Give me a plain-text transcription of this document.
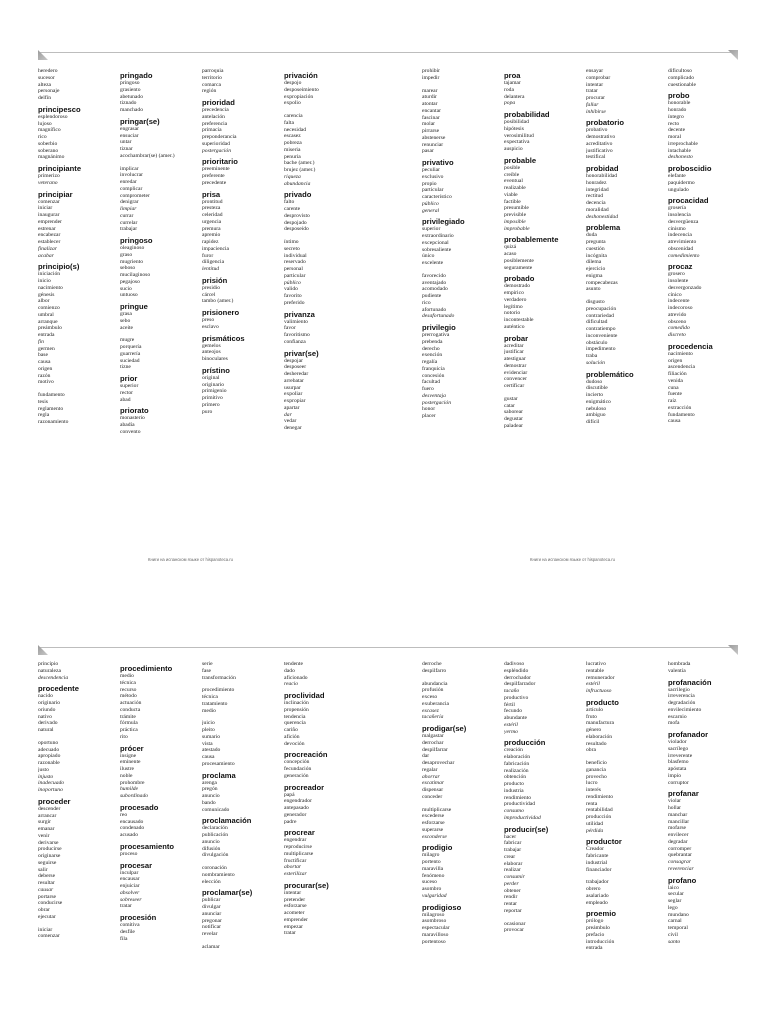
heredero
sucesor
alteza
personaje
delfín
principesco
esplendoroso
lujoso
magnífico
rico
soberbio
soberano
magnánimo
principiante
primerizo
veterano
principiar
comenzar
iniciar
inaugurar
emprender
estrenar
encabezar
establecer
finalizar
acabar
principio(s)
iniciación
inicio
nacimiento
génesis
albor
comienzo
umbral
arranque
preámbulo
entrada
fin
germen
base
causa
origen
razón
motivo
fundamento
tesis
reglamento
regla
razonamiento
pringado
pringoso
grasiento
abetunado
tiznado
manchado
pringar(se)
engrasar
ensuciar
untar
tiznar
acochambrar(se) (amer.)
implicar
involucrar
enredar
complicar
comprometer
denigrar
limpiar
currar
currelar
trabajar
pringoso
oleaginoso
graso
mugriento
seboso
mucilaginoso
pegajoso
sucio
untuoso
pringue
grasa
sebo
aceite
mugre
porquería
guarrería
suciedad
tizne
prior
superior
rector
abad
priorato
monasterio
abadía
convento
parroquia
territorio
comarca
región
prioridad
precedencia
antelación
preferencia
primacía
preponderancia
superioridad
postergación
prioritario
preeminente
preferente
precedente
prisa
prontitud
presteza
celeridad
urgencia
premura
apremio
rapidez
impaciencia
furor
diligencia
lentitud
prisión
presidio
cárcel
tambo (amer.)
prisionero
preso
esclavo
prismáticos
gemelos
anteojos
binoculares
prístino
original
originario
primigenio
primitivo
prímero
puro
privación
despojo
desposeimiento
expropiación
expolio
carencia
falta
necesidad
escasez
pobreza
miseria
penuria
bache (amer.)
brujez (amer.)
riqueza
abundancia
privado
falto
carente
desprovisto
despojado
desposeído
íntimo
secreto
individual
reservado
personal
particular
público
valido
favorito
preferido
privanza
valimiento
favor
favoritismo
confianza
privar(se)
despojar
desposeer
desheredar
arrebatar
usurpar
expoliar
expropiar
apartar
dar
vedar
denegar
prohibir
impedir
marear
aturdir
atontar
encantar
fascinar
molar
pirrarse
abstenerse
renunciar
pasar
privativo
peculiar
exclusivo
propio
particular
característico
público
general
privilegiado
superior
extraordinario
excepcional
sobresaliente
único
excelente
favorecido
aventajado
acomodado
pudiente
rico
afortunado
desafortunado
privilegio
prerrogativa
prebenda
derecho
exención
regalía
franquicia
concesión
facultad
fuero
desventaja
postergación
honor
placer
proa
tajamar
roda
delantera
popa
probabilidad
posibilidad
hipótesis
verosimilitud
expectativa
auspicio
probable
posible
creíble
eventual
realizable
viable
factible
presumible
previsible
imposible
improbable
probablemente
quizá
acaso
posiblemente
seguramente
probado
demostrado
empírico
verdadero
legítimo
notorio
incontestable
auténtico
probar
acreditar
justificar
atestiguar
demostrar
evidenciar
convencer
certificar
gustar
catar
saborear
degustar
paladear
ensayar
comprobar
intentar
tratar
procurar
fallar
inhibirse
probatorio
probativo
demostrativo
acreditativo
justificativo
testifical
probidad
honorabilidad
honradez
integridad
rectitud
decencia
moralidad
deshonestidad
problema
duda
pregunta
cuestión
incógnita
dilema
ejercicio
enigma
rompecabezas
asunto
disgusto
preocupación
contrariedad
dificultad
contratiempo
inconveniente
obstáculo
impedimento
traba
solución
problemático
dudoso
discutible
incierto
enigmático
nebuloso
ambiguo
difícil
dificultoso
complicado
cuestionable
probo
honorable
honrado
íntegro
recto
decente
moral
irreprochable
intachable
deshonesto
proboscidio
elefante
paquidermo
ungulado
procacidad
grosería
insolencia
desvergüenza
cinismo
indecencia
atrevimiento
obscenidad
comedimiento
procaz
grosero
insolente
desvergonzado
cínico
indecente
indecoroso
atrevido
obsceno
comedido
discreto
procedencia
nacimiento
origen
ascendencia
filiación
venida
cuna
fuente
raíz
extracción
fundamento
causa
Книги на испанском языке от hispanoteca.ru	Книги на испанском языке от hispanoteca.ru
principio
naturaleza
descendencia
procedente
nacido
originario
oriundo
nativo
derivado
natural
oportuno
adecuado
apropiado
razonable
justo
injusto
inadecuado
inoportuno
proceder
descender
arrancar
surgir
emanar
venir
derivarse
producirse
originarse
seguirse
salir
deberse
resultar
causar
portarse
conducirse
obrar
ejecutar
iniciar
comenzar
procedimiento
medio
técnica
recurso
método
actuación
conducta
trámite
fórmula
práctica
rito
prócer
insigne
eminente
ilustre
noble
prohombre
humilde
subordinado
procesado
reo
encausado
condenado
acusado
procesamiento
proceso
procesar
inculpar
encausar
enjuiciar
absolver
sobreseer
tratar
procesión
comitiva
desfile
fila
serie
fase
transformación
procedimiento
técnica
tratamiento
medio
juicio
pleito
sumario
vista
atestado
causa
procesamiento
proclama
arenga
pregón
anuncio
bando
comunicado
proclamación
declaración
publicación
anuncio
difusión
divulgación
coronación
nombramiento
elección
proclamar(se)
publicar
divulgar
anunciar
pregonar
notificar
revelar
aclamar
tendente
dado
aficionado
reacio
proclividad
inclinación
propensión
tendencia
querencia
cariño
afición
devoción
procreación
concepción
fecundación
generación
procreador
papá
engendrador
antepasado
generador
padre
procrear
engendrar
reproducirse
multiplicarse
fructificar
abortar
esterilizar
procurar(se)
intentar
pretender
esforzarse
acometer
emprender
empezar
tratar
derroche
despilfarro
abundancia
profusión
exceso
exuberancia
escasez
tacañería
prodigar(se)
malgastar
derrochar
despilfarrar
dar
desaprovechar
regalar
ahorrar
escatimar
dispensar
conceder
multiplicarse
excederse
esforzarse
superarse
esconderse
prodigio
milagro
portento
maravilla
fenómeno
suceso
asombro
vulgaridad
prodigioso
milagroso
asombroso
espectacular
maravilloso
portentoso
dadivoso
espléndido
derrochador
despilfarrador
tacaño
productivo
fértil
fecundo
abundante
estéril
yermo
producción
creación
elaboración
fabricación
realización
obtención
producto
industria
rendimiento
productividad
consumo
improductividad
producir(se)
hacer
fabricar
trabajar
crear
elaborar
realizar
consumir
perder
obtener
rendir
rentar
reportar
ocasionar
provocar
lucrativo
rentable
remunerador
estéril
infructuoso
producto
artículo
fruto
manufactura
género
elaboración
resultado
obra
beneficio
ganancia
provecho
lucro
interés
rendimiento
renta
rentabilidad
producción
utilidad
pérdida
productor
Creador
fabricante
industrial
financiador
trabajador
obrero
asalariado
empleado
proemio
prólogo
preámbulo
prefacio
introducción
entrada
hombrada
valentía
profanación
sacrilegio
irreverencia
degradación
envilecimiento
escarnio
mofa
profanador
violador
sacrílego
irreverente
blasfemo
apóstata
impío
corruptor
profanar
violar
hollar
manchar
mancillar
mofarse
envilecer
degradar
corromper
quebrantar
consagrar
reverenciar
profano
laico
secular
seglar
lego
mundano
carnal
temporal
civil
santo
